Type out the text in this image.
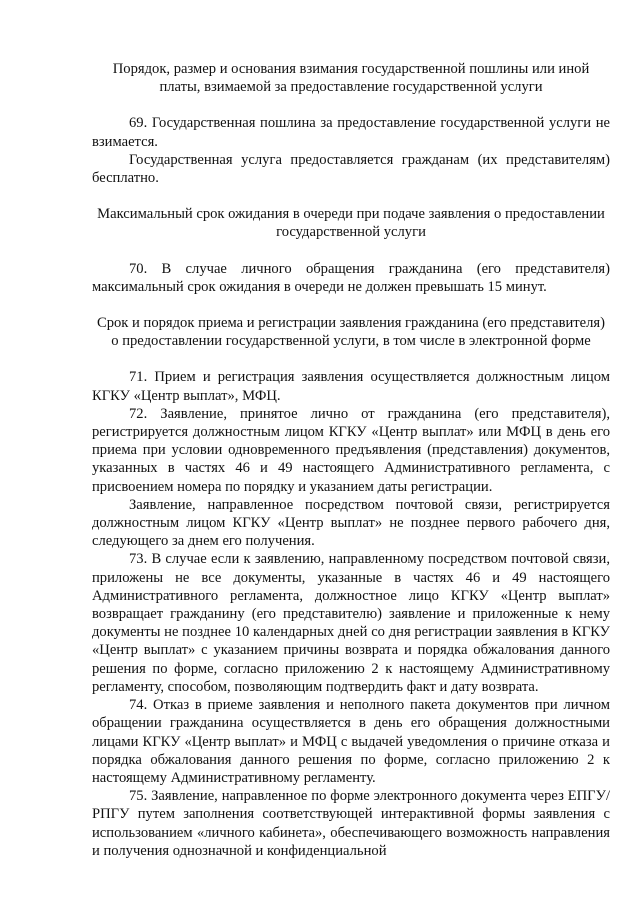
Порядок, размер и основания взимания государственной пошлины или иной платы, взимаемой за предоставление государственной услуги

69. Государственная пошлина за предоставление государственной услуги не взимается.

Государственная услуга предоставляется гражданам (их представителям) бесплатно.

Максимальный срок ожидания в очереди при подаче заявления о предоставлении государственной услуги

70. В случае личного обращения гражданина (его представителя) максимальный срок ожидания в очереди не должен превышать 15 минут.

Срок и порядок приема и регистрации заявления гражданина (его представителя) о предоставлении государственной услуги, в том числе в электронной форме

71. Прием и регистрация заявления осуществляется должностным лицом КГКУ «Центр выплат», МФЦ.

72. Заявление, принятое лично от гражданина (его представителя), регистрируется должностным лицом КГКУ «Центр выплат» или МФЦ в день его приема при условии одновременного предъявления (представления) документов, указанных в частях 46 и 49 настоящего Административного регламента, с присвоением номера по порядку и указанием даты регистрации.

Заявление, направленное посредством почтовой связи, регистрируется должностным лицом КГКУ «Центр выплат» не позднее первого рабочего дня, следующего за днем его получения.

73. В случае если к заявлению, направленному посредством почтовой связи, приложены не все документы, указанные в частях 46 и 49 настоящего Административного регламента, должностное лицо КГКУ «Центр выплат» возвращает гражданину (его представителю) заявление и приложенные к нему документы не позднее 10 календарных дней со дня регистрации заявления в КГКУ «Центр выплат» с указанием причины возврата и порядка обжалования данного решения по форме, согласно приложению 2 к настоящему Административному регламенту, способом, позволяющим подтвердить факт и дату возврата.

74. Отказ в приеме заявления и неполного пакета документов при личном обращении гражданина осуществляется в день его обращения должностными лицами КГКУ «Центр выплат» и МФЦ с выдачей уведомления о причине отказа и порядка обжалования данного решения по форме, согласно приложению 2 к настоящему Административному регламенту.

75. Заявление, направленное по форме электронного документа через ЕПГУ/РПГУ путем заполнения соответствующей интерактивной формы заявления с использованием «личного кабинета», обеспечивающего возможность направления и получения однозначной и конфиденциальной
